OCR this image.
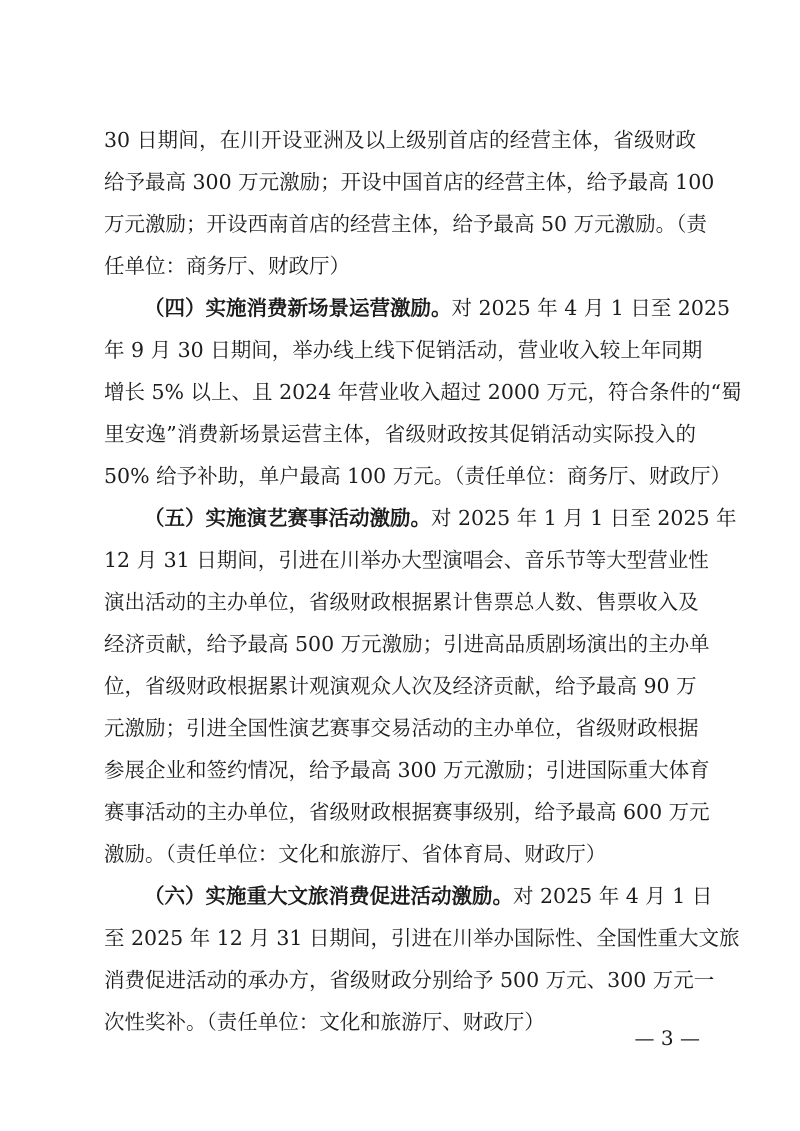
30 日期间，在川开设亚洲及以上级别首店的经营主体，省级财政
给予最高 300 万元激励；开设中国首店的经营主体，给予最高 100
万元激励；开设西南首店的经营主体，给予最高 50 万元激励。（责
任单位：商务厅、财政厅）
（四）实施消费新场景运营激励。对 2025 年 4 月 1 日至 2025
年 9 月 30 日期间，举办线上线下促销活动，营业收入较上年同期
增长 5% 以上、且 2024 年营业收入超过 2000 万元，符合条件的“蜀
里安逸”消费新场景运营主体，省级财政按其促销活动实际投入的
50% 给予补助，单户最高 100 万元。（责任单位：商务厅、财政厅）
（五）实施演艺赛事活动激励。对 2025 年 1 月 1 日至 2025 年
12 月 31 日期间，引进在川举办大型演唱会、音乐节等大型营业性
演出活动的主办单位，省级财政根据累计售票总人数、售票收入及
经济贡献，给予最高 500 万元激励；引进高品质剧场演出的主办单
位，省级财政根据累计观演观众人次及经济贡献，给予最高 90 万
元激励；引进全国性演艺赛事交易活动的主办单位，省级财政根据
参展企业和签约情况，给予最高 300 万元激励；引进国际重大体育
赛事活动的主办单位，省级财政根据赛事级别，给予最高 600 万元
激励。（责任单位：文化和旅游厅、省体育局、财政厅）
（六）实施重大文旅消费促进活动激励。对 2025 年 4 月 1 日
至 2025 年 12 月 31 日期间，引进在川举办国际性、全国性重大文旅
消费促进活动的承办方，省级财政分别给予 500 万元、300 万元一
次性奖补。（责任单位：文化和旅游厅、财政厅）
— 3 —
